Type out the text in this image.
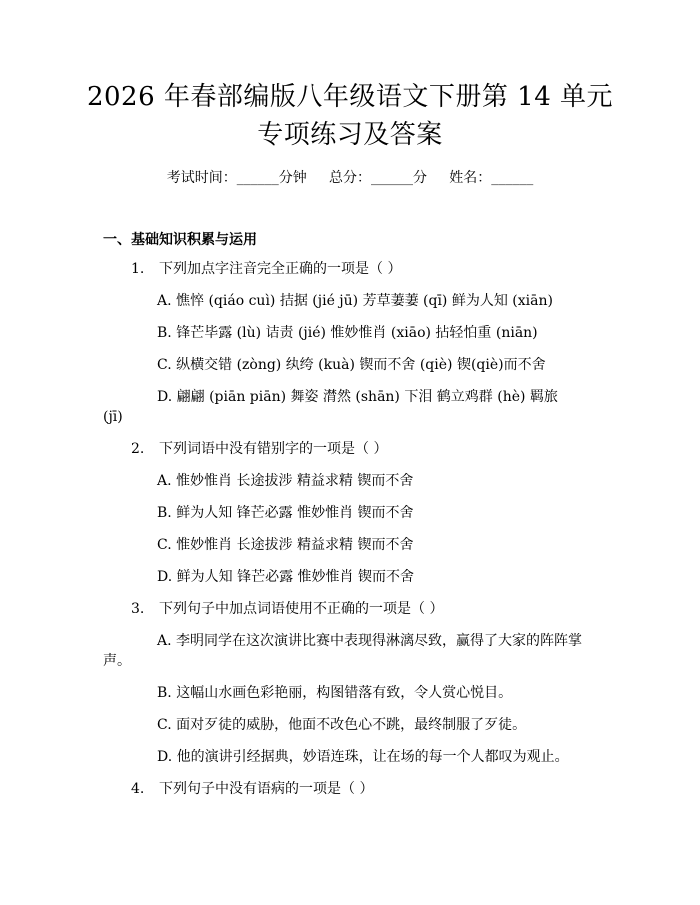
2026 年春部编版八年级语文下册第 14 单元
专项练习及答案
考试时间：______分钟     总分：______分     姓名：______
一、基础知识积累与运用
1. 下列加点字注音完全正确的一项是（ ）
A. 憔悴 (qiáo cuì) 拮据 (jié jū) 芳草萋萋 (qī) 鲜为人知 (xiān)
B. 锋芒毕露 (lù) 诘责 (jié) 惟妙惟肖 (xiāo) 拈轻怕重 (niān)
C. 纵横交错 (zòng) 纨绔 (kuà) 锲而不舍 (qiè) 锲(qiè)而不舍
D. 翩翩 (piān piān) 舞姿 潸然 (shān) 下泪 鹤立鸡群 (hè) 羁旅
(jī)
2. 下列词语中没有错别字的一项是（ ）
A. 惟妙惟肖 长途拔涉 精益求精 锲而不舍
B. 鲜为人知 锋芒必露 惟妙惟肖 锲而不舍
C. 惟妙惟肖 长途拔涉 精益求精 锲而不舍
D. 鲜为人知 锋芒必露 惟妙惟肖 锲而不舍
3. 下列句子中加点词语使用不正确的一项是（ ）
A. 李明同学在这次演讲比赛中表现得淋漓尽致，赢得了大家的阵阵掌
声。
B. 这幅山水画色彩艳丽，构图错落有致，令人赏心悦目。
C. 面对歹徒的威胁，他面不改色心不跳，最终制服了歹徒。
D. 他的演讲引经据典，妙语连珠，让在场的每一个人都叹为观止。
4. 下列句子中没有语病的一项是（ ）
